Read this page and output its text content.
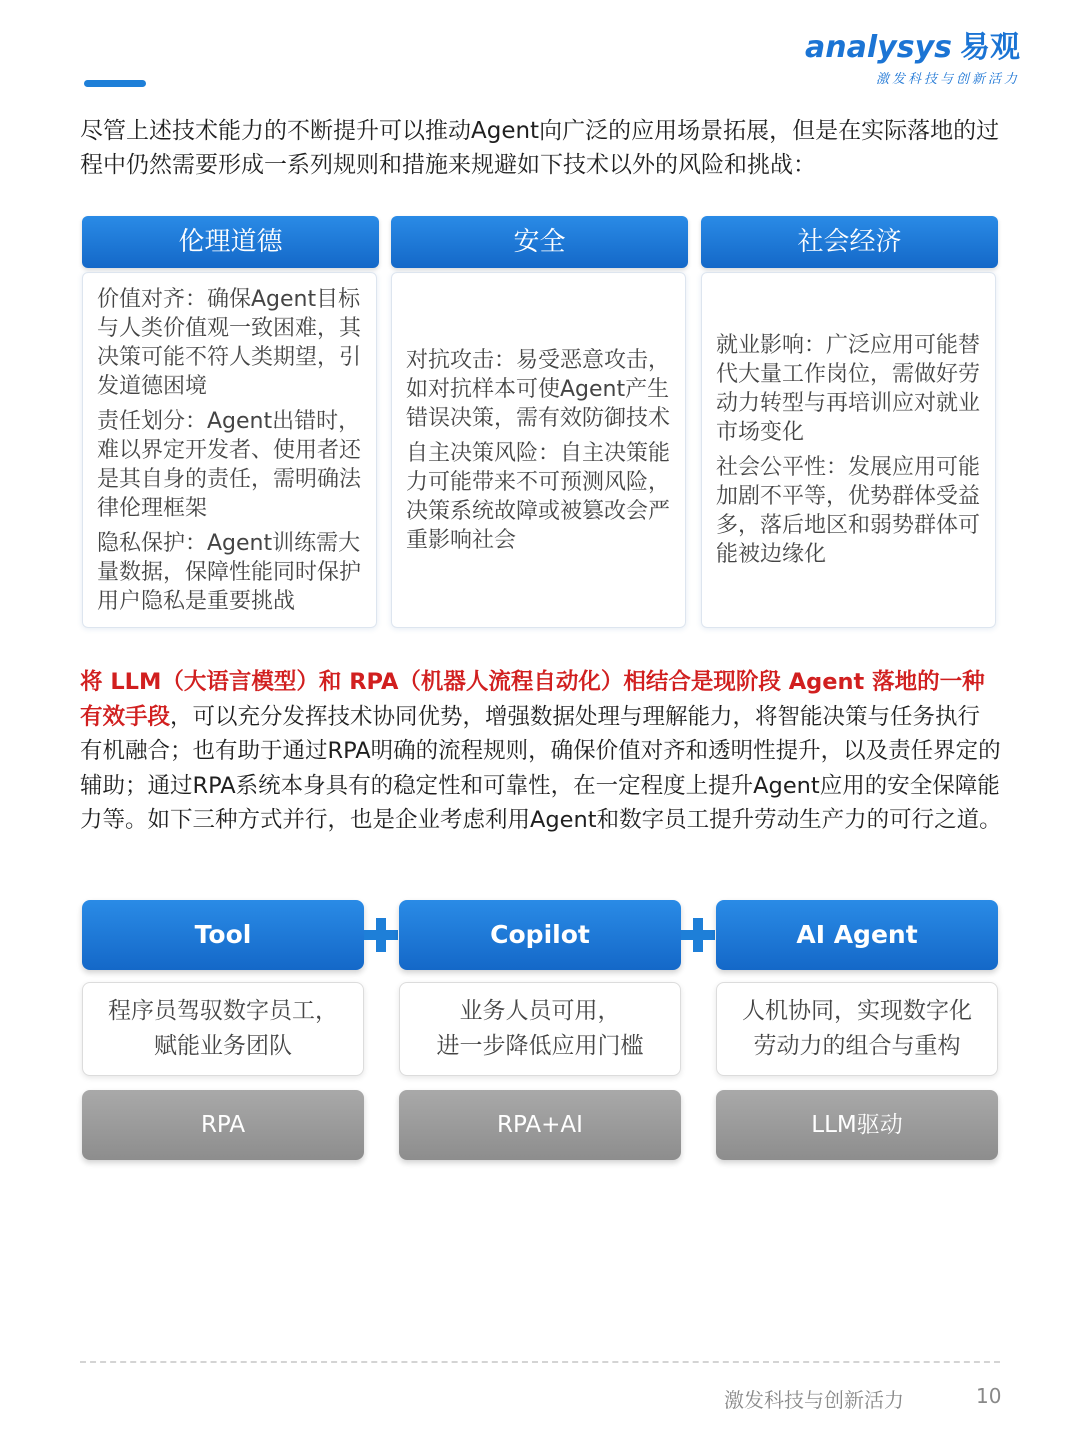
analysys 易观
激发科技与创新活力

尽管上述技术能力的不断提升可以推动Agent向广泛的应用场景拓展，但是在实际落地的过程中仍然需要形成一系列规则和措施来规避如下技术以外的风险和挑战：

伦理道德
价值对齐：确保Agent目标与人类价值观一致困难，其决策可能不符人类期望，引发道德困境
责任划分：Agent出错时，难以界定开发者、使用者还是其自身的责任，需明确法律伦理框架
隐私保护：Agent训练需大量数据，保障性能同时保护用户隐私是重要挑战
安全
对抗攻击：易受恶意攻击，如对抗样本可使Agent产生错误决策，需有效防御技术
自主决策风险：自主决策能力可能带来不可预测风险，决策系统故障或被篡改会严重影响社会
社会经济
就业影响：广泛应用可能替代大量工作岗位，需做好劳动力转型与再培训应对就业市场变化
社会公平性：发展应用可能加剧不平等，优势群体受益多，落后地区和弱势群体可能被边缘化
将 LLM（大语言模型）和 RPA（机器人流程自动化）相结合是现阶段 Agent 落地的一种有效手段，可以充分发挥技术协同优势，增强数据处理与理解能力，将智能决策与任务执行有机融合；也有助于通过RPA明确的流程规则，确保价值对齐和透明性提升，以及责任界定的辅助；通过RPA系统本身具有的稳定性和可靠性，在一定程度上提升Agent应用的安全保障能力等。如下三种方式并行，也是企业考虑利用Agent和数字员工提升劳动生产力的可行之道。
Tool
程序员驾驭数字员工，
赋能业务团队
RPA
Copilot
业务人员可用，
进一步降低应用门槛
RPA+AI
AI Agent
人机协同，实现数字化
劳动力的组合与重构
LLM驱动
激发科技与创新活力	10
